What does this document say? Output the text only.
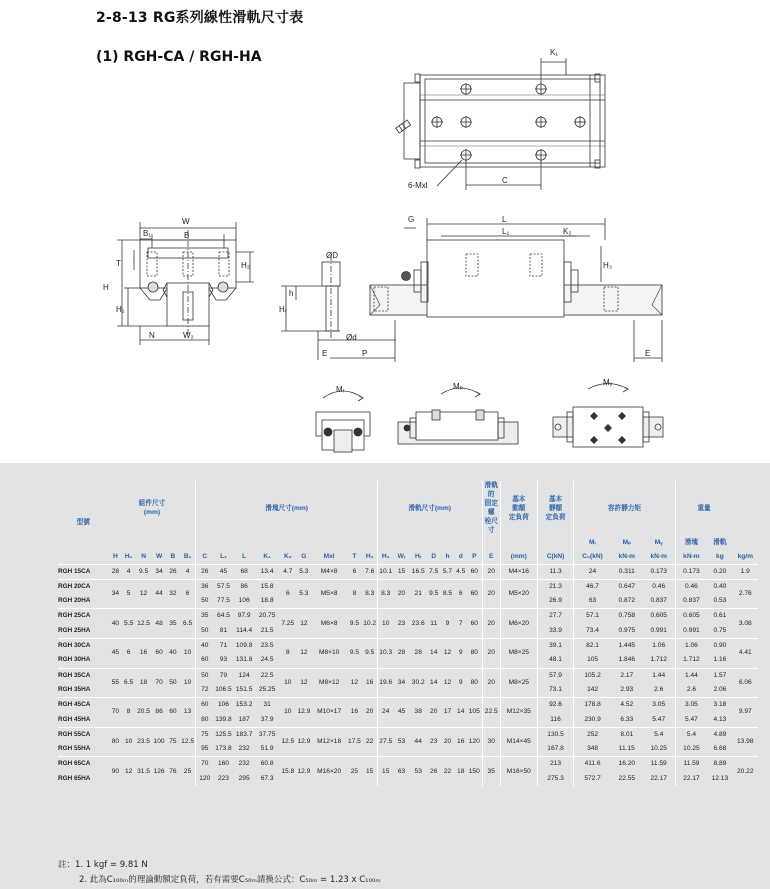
2-8-13 RG系列線性滑軌尺寸表
(1) RGH-CA / RGH-HA	K₁
6-Mxl
C
W
B₁	B
T	H₂
H
H₁
N	W₂
G	L
L₁	K₂
H₃
ØD
h
Hᵣ
Ød
E	P	E
Mᵣ	Mₚ	Mᵧ
型號	組件尺寸
(mm)						滑塊尺寸(mm)									滑軌尺寸(mm)							滑軌的
固定螺
栓尺寸	基本
動額
定負荷	基本
靜額
定負荷	容許靜力矩			重量		
																										Mᵣ	Mₚ	Mᵧ	滑塊	滑軌	
	H	H₁	N	W	B	B₁	C	L₁	L	K₁	K₂	G	Mxl	T	H₂	H₃	Wᵣ	Hᵣ	D	h	d	P	E	(mm)	C(kN)	C₀(kN)	kN-m	kN-m	kN-m	kg	kg/m
RGH 15CA	28	4	9.5	34	26	4	26	45	68	13.4	4.7	5.3	M4×8	6	7.6	10.1	15	16.5	7.5	5.7	4.5	60	20	M4×16	11.3	24	0.311	0.173	0.173	0.20	1.9
RGH 20CA	34	5	12	44	32	6	36	57.5	86	15.8	6	5.3	M5×8	8	8.3	8.3	20	21	9.5	8.5	6	60	20	M5×20	21.3	46.7	0.647	0.46	0.46	0.40	2.76
RGH 20HA							50	77.5	106	18.8															26.9	63	0.872	0.837	0.837	0.53	
RGH 25CA	40	5.5	12.5	48	35	6.5	35	64.5	97.9	20.75	7.25	12	M6×8	9.5	10.2	10	23	23.6	11	9	7	60	20	M6×20	27.7	57.1	0.758	0.605	0.605	0.61	3.08
RGH 25HA							50	81	114.4	21.5															33.9	73.4	0.975	0.991	0.991	0.75	
RGH 30CA	45	6	16	60	40	10	40	71	109.8	23.5	8	12	M8×10	9.5	9.5	10.3	28	28	14	12	9	80	20	M8×25	39.1	82.1	1.445	1.06	1.06	0.90	4.41
RGH 30HA							60	93	131.8	24.5															48.1	105	1.846	1.712	1.712	1.16	
RGH 35CA	55	6.5	18	70	50	10	50	79	124	22.5	10	12	M8×12	12	16	19.6	34	30.2	14	12	9	80	20	M8×25	57.9	105.2	2.17	1.44	1.44	1.57	6.06
RGH 35HA							72	106.5	151.5	25.25															73.1	142	2.93	2.6	2.6	2.06	
RGH 45CA	70	8	20.5	86	60	13	60	106	153.2	31	10	12.9	M10×17	16	20	24	45	38	20	17	14	105	22.5	M12×35	92.6	178.8	4.52	3.05	3.05	3.18	9.97
RGH 45HA							80	139.8	187	37.9															116	230.9	6.33	5.47	5.47	4.13	
RGH 55CA	80	10	23.5	100	75	12.5	75	125.5	183.7	37.75	12.5	12.9	M12×18	17.5	22	27.5	53	44	23	20	16	120	30	M14×45	130.5	252	8.01	5.4	5.4	4.89	13.98
RGH 55HA							95	173.8	232	51.9															167.8	348	11.15	10.25	10.25	6.68	
RGH 65CA	90	12	31.5	126	76	25	70	160	232	60.8	15.8	12.9	M16×20	25	15	15	63	53	26	22	18	150	35	M16×50	213	411.6	16.20	11.59	11.59	8.89	20.22
RGH 65HA							120	223	295	67.3															275.3	572.7	22.55	22.17	22.17	12.13	
註：1. 1 kgf = 9.81 N
2. 此為C₁₀₀ₘ的理論動額定負荷，若有需要C₅₀ₘ請換公式：C₅₀ₘ = 1.23 x C₁₀₀ₘ
